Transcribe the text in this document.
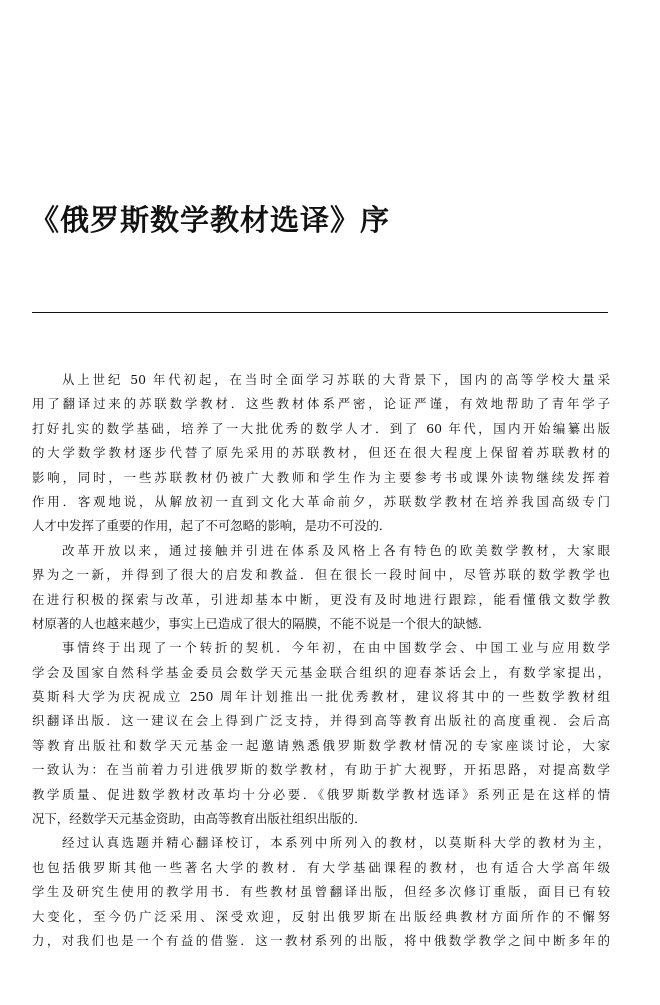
《俄罗斯数学教材选译》序
从上世纪 50 年代初起，在当时全面学习苏联的大背景下，国内的高等学校大量采
用了翻译过来的苏联数学教材．这些教材体系严密，论证严谨，有效地帮助了青年学子
打好扎实的数学基础，培养了一大批优秀的数学人才．到了 60 年代，国内开始编纂出版
的大学数学教材逐步代替了原先采用的苏联教材，但还在很大程度上保留着苏联教材的
影响，同时，一些苏联教材仍被广大教师和学生作为主要参考书或课外读物继续发挥着
作用．客观地说，从解放初一直到文化大革命前夕，苏联数学教材在培养我国高级专门
人才中发挥了重要的作用，起了不可忽略的影响，是功不可没的．
改革开放以来，通过接触并引进在体系及风格上各有特色的欧美数学教材，大家眼
界为之一新，并得到了很大的启发和教益．但在很长一段时间中，尽管苏联的数学教学也
在进行积极的探索与改革，引进却基本中断，更没有及时地进行跟踪，能看懂俄文数学教
材原著的人也越来越少，事实上已造成了很大的隔膜，不能不说是一个很大的缺憾．
事情终于出现了一个转折的契机．今年初，在由中国数学会、中国工业与应用数学
学会及国家自然科学基金委员会数学天元基金联合组织的迎春茶话会上，有数学家提出，
莫斯科大学为庆祝成立 250 周年计划推出一批优秀教材，建议将其中的一些数学教材组
织翻译出版．这一建议在会上得到广泛支持，并得到高等教育出版社的高度重视．会后高
等教育出版社和数学天元基金一起邀请熟悉俄罗斯数学教材情况的专家座谈讨论，大家
一致认为：在当前着力引进俄罗斯的数学教材，有助于扩大视野，开拓思路，对提高数学
教学质量、促进数学教材改革均十分必要．《俄罗斯数学教材选译》系列正是在这样的情
况下，经数学天元基金资助，由高等教育出版社组织出版的．
经过认真选题并精心翻译校订，本系列中所列入的教材，以莫斯科大学的教材为主，
也包括俄罗斯其他一些著名大学的教材．有大学基础课程的教材，也有适合大学高年级
学生及研究生使用的教学用书．有些教材虽曾翻译出版，但经多次修订重版，面目已有较
大变化，至今仍广泛采用、深受欢迎，反射出俄罗斯在出版经典教材方面所作的不懈努
力，对我们也是一个有益的借鉴．这一教材系列的出版，将中俄数学教学之间中断多年的
